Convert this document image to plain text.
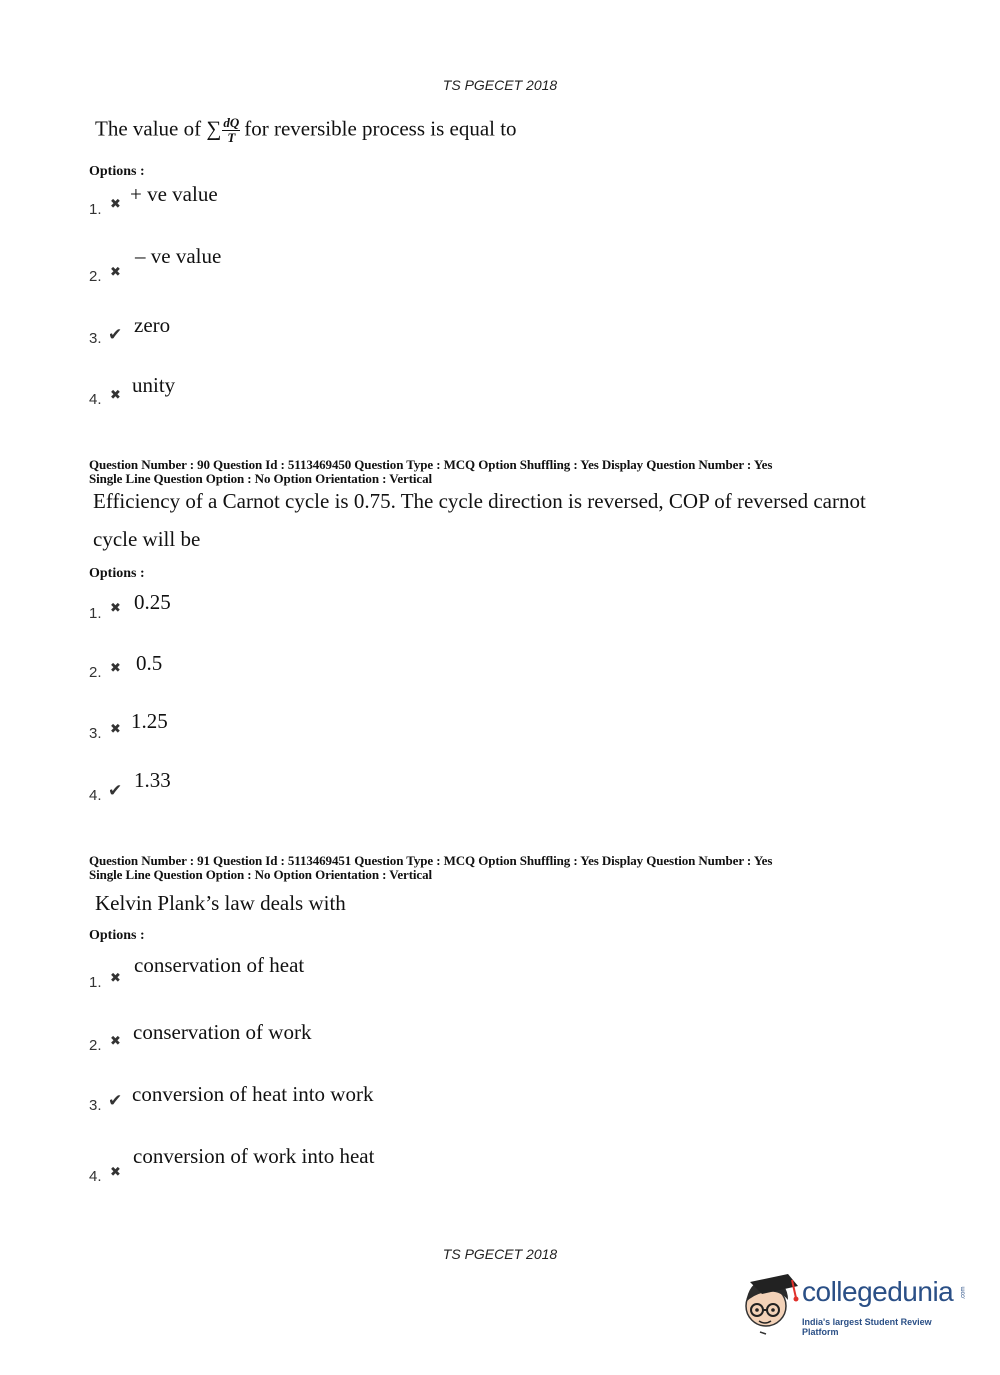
TS PGECET 2018
The value of ∑ $\frac{dQ}{T}$ for reversible process is equal to
Options :
1. ✖ + ve value
2. ✖
– ve value
3. ✔ zero
4. ✖ unity
Question Number : 90 Question Id : 5113469450 Question Type : MCQ Option Shuffling : Yes Display Question Number : Yes
Single Line Question Option : No Option Orientation : Vertical
Efficiency of a Carnot cycle is 0.75. The cycle direction is reversed, COP of reversed carnot
cycle will be
Options :
1. ✖ 0.25
2. ✖ 0.5
3. ✖ 1.25
4. ✔ 1.33
Question Number : 91 Question Id : 5113469451 Question Type : MCQ Option Shuffling : Yes Display Question Number : Yes
Single Line Question Option : No Option Orientation : Vertical
Kelvin Plank’s law deals with
Options :
1. ✖
conservation of heat
2. ✖ conservation of work
3. ✔ conversion of heat into work
4. ✖
conversion of work into heat
TS PGECET 2018
collegedunia .com
India's largest Student Review Platform
